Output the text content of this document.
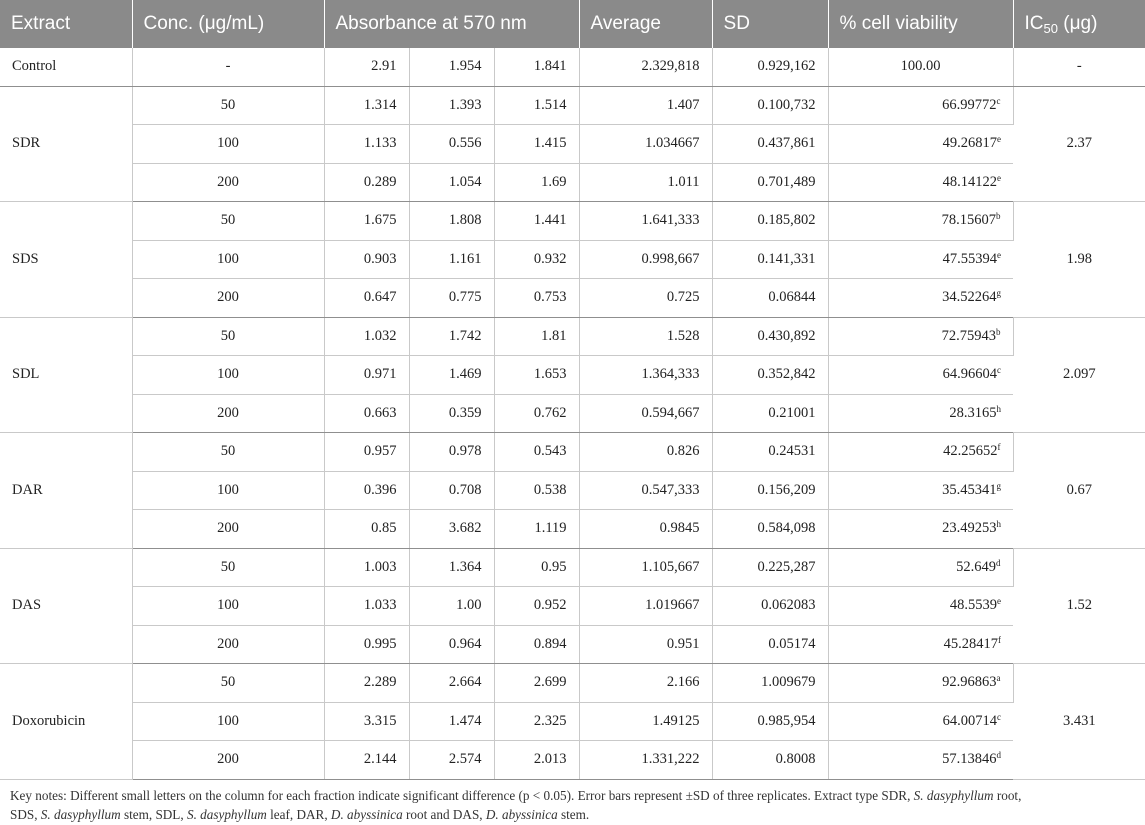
Extract	Conc. (μg/mL)	Absorbance at 570 nm			Average	SD	% cell viability	$IC_{50}$ (μg)
Control	-	2.91	1.954	1.841	2.329,818	0.929,162	100.00	-
SDR	50	1.314	1.393	1.514	1.407	0.100,732	66.99772$^c$	2.37
	100	1.133	0.556	1.415	1.034667	0.437,861	49.26817e
	200	0.289	1.054	1.69	1.011	0.701,489	48.14122e
SDS	50	1.675	1.808	1.441	1.641,333	0.185,802	78.15607$^b$	1.98
	100	0.903	1.161	0.932	0.998,667	0.141,331	47.55394e
	200	0.647	0.775	0.753	0.725	0.06844	34.52264$^g$
SDL	50	1.032	1.742	1.81	1.528	0.430,892	72.75943$^b$	2.097
	100	0.971	1.469	1.653	1.364,333	0.352,842	64.96604$^c$
	200	0.663	0.359	0.762	0.594,667	0.21001	28.3165$^h$
DAR	50	0.957	0.978	0.543	0.826	0.24531	42.25652$^f$	0.67
	100	0.396	0.708	0.538	0.547,333	0.156,209	35.45341$^g$
	200	0.85	3.682	1.119	0.9845	0.584,098	23.49253$^h$
DAS	50	1.003	1.364	0.95	1.105,667	0.225,287	52.649$^d$	1.52
	100	1.033	1.00	0.952	1.019667	0.062083	48.5539e
	200	0.995	0.964	0.894	0.951	0.05174	45.28417$^f$
Doxorubicin	50	2.289	2.664	2.699	2.166	1.009679	92.96863$^a$	3.431
	100	3.315	1.474	2.325	1.49125	0.985,954	64.00714$^c$
	200	2.144	2.574	2.013	1.331,222	0.8008	57.13846$^d$
Key notes: Different small letters on the column for each fraction indicate significant difference (p < 0.05). Error bars represent ±SD of three replicates. Extract type SDR, S. dasyphyllum root,
SDS, S. dasyphyllum stem, SDL, S. dasyphyllum leaf, DAR, D. abyssinica root and DAS, D. abyssinica stem.
